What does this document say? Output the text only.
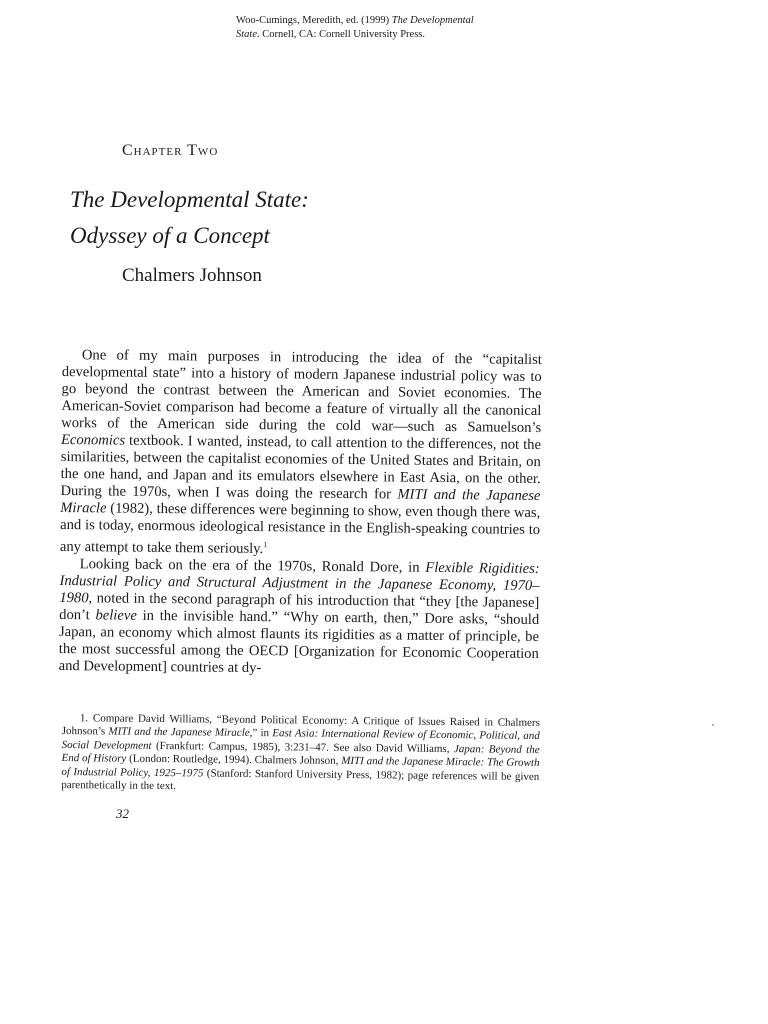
Woo-Cumings, Meredith, ed. (1999) The Developmental
State. Cornell, CA: Cornell University Press.
Chapter Two
The Developmental State:
Odyssey of a Concept
Chalmers Johnson

One of my main purposes in introducing the idea of the “capitalist developmental state” into a history of modern Japanese industrial policy was to go beyond the contrast between the American and Soviet economies. The American-Soviet comparison had become a feature of virtually all the canonical works of the American side during the cold war—such as Samuelson’s Economics textbook. I wanted, instead, to call attention to the differences, not the similarities, between the capitalist economies of the United States and Britain, on the one hand, and Japan and its emulators elsewhere in East Asia, on the other. During the 1970s, when I was doing the research for MITI and the Japanese Miracle (1982), these differences were beginning to show, even though there was, and is today, enormous ideological resistance in the English-speaking countries to any attempt to take them seriously.$^1$

Looking back on the era of the 1970s, Ronald Dore, in Flexible Rigidities: Industrial Policy and Structural Adjustment in the Japanese Economy, 1970–1980, noted in the second paragraph of his introduction that “they [the Japanese] don’t believe in the invisible hand.” “Why on earth, then,” Dore asks, “should Japan, an economy which almost flaunts its rigidities as a matter of principle, be the most successful among the OECD [Organization for Economic Cooperation and Development] countries at dy-

1. Compare David Williams, “Beyond Political Economy: A Critique of Issues Raised in Chalmers Johnson’s MITI and the Japanese Miracle,” in East Asia: International Review of Economic, Political, and Social Development (Frankfurt: Campus, 1985), 3:231–47. See also David Williams, Japan: Beyond the End of History (London: Routledge, 1994). Chalmers Johnson, MITI and the Japanese Miracle: The Growth of Industrial Policy, 1925–1975 (Stanford: Stanford University Press, 1982); page references will be given parenthetically in the text.

32
